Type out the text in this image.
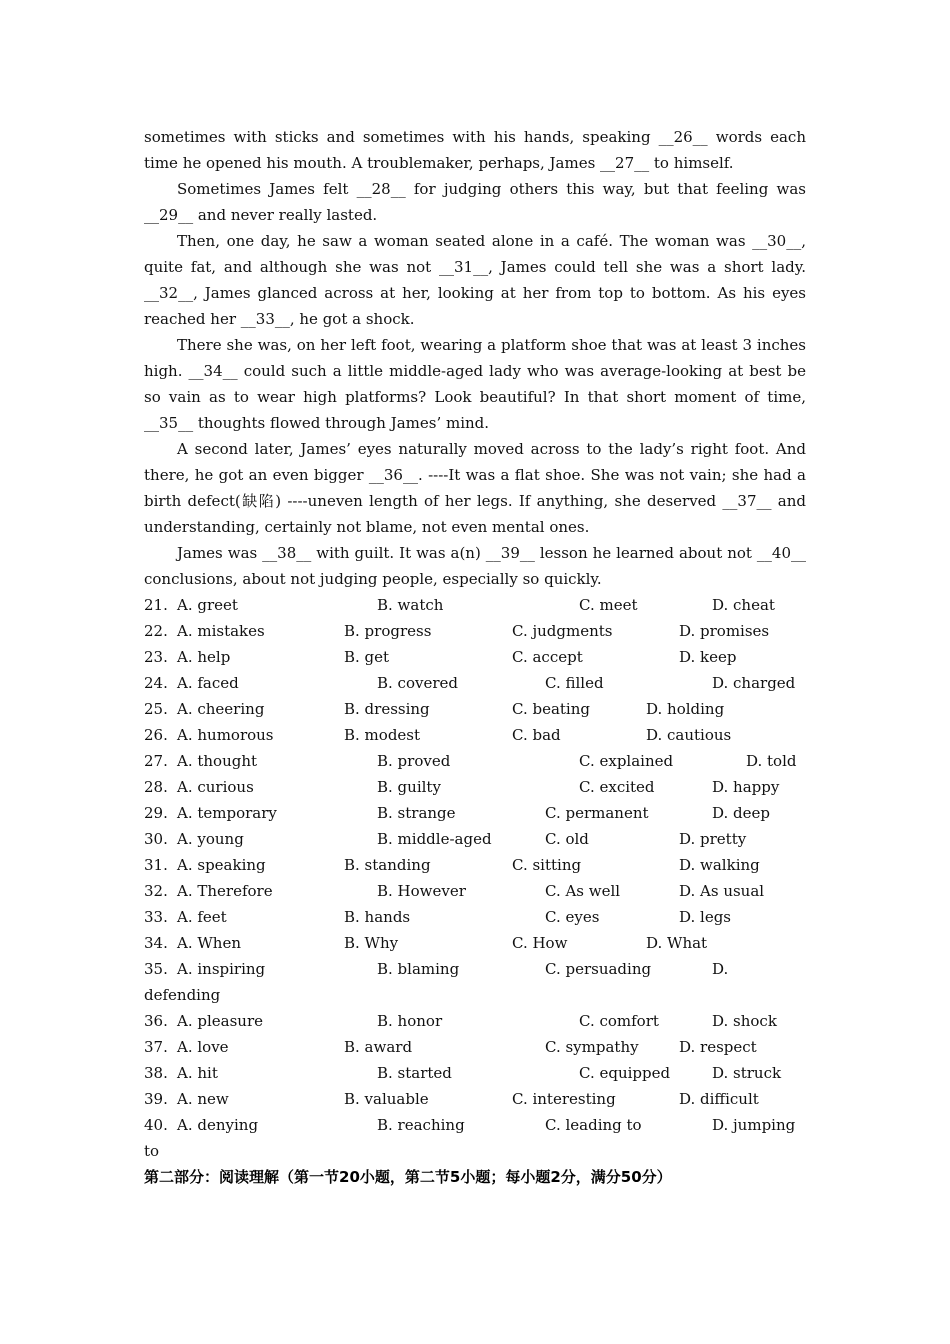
sometimes with sticks and sometimes with his hands, speaking __26__ words each time he opened his mouth. A troublemaker, perhaps, James __27__ to himself.

Sometimes James felt __28__ for judging others this way, but that feeling was __29__ and never really lasted.

Then, one day, he saw a woman seated alone in a café. The woman was __30__, quite fat, and although she was not __31__, James could tell she was a short lady. __32__, James glanced across at her, looking at her from top to bottom. As his eyes reached her __33__, he got a shock.

There she was, on her left foot, wearing a platform shoe that was at least 3 inches high. __34__ could such a little middle-aged lady who was average-looking at best be so vain as to wear high platforms? Look beautiful? In that short moment of time, __35__ thoughts flowed through James’ mind.

A second later, James’ eyes naturally moved across to the lady’s right foot. And there, he got an even bigger __36__. ----It was a flat shoe. She was not vain; she had a birth defect(缺陷) ----uneven length of her legs. If anything, she deserved __37__ and understanding, certainly not blame, not even mental ones.

James was __38__ with guilt. It was a(n) __39__ lesson he learned about not __40__ conclusions, about not judging people, especially so quickly.

21. A. greet	B. watch	C. meet	D. cheat
22. A. mistakes	B. progress	C. judgments	D. promises
23. A. help	B. get	C. accept	D. keep
24. A. faced	B. covered	C. filled	D. charged
25. A. cheering	B. dressing	C. beating	D. holding
26. A. humorous	B. modest	C. bad	D. cautious
27. A. thought	B. proved	C. explained	D. told
28. A. curious	B. guilty	C. excited	D. happy
29. A. temporary	B. strange	C. permanent	D. deep
30. A. young	B. middle-aged	C. old	D. pretty
31. A. speaking	B. standing	C. sitting	D. walking
32. A. Therefore	B. However	C. As well	D. As usual
33. A. feet	B. hands	C. eyes	D. legs
34. A. When	B. Why	C. How	D. What
35. A. inspiring	B. blaming	C. persuading	D.
defending
36. A. pleasure	B. honor	C. comfort	D. shock
37. A. love	B. award	C. sympathy	D. respect
38. A. hit	B. started	C. equipped	D. struck
39. A. new	B. valuable	C. interesting	D. difficult
40. A. denying	B. reaching	C. leading to	D. jumping
to

第二部分：阅读理解（第一节20小题，第二节5小题；每小题2分，满分50分）
